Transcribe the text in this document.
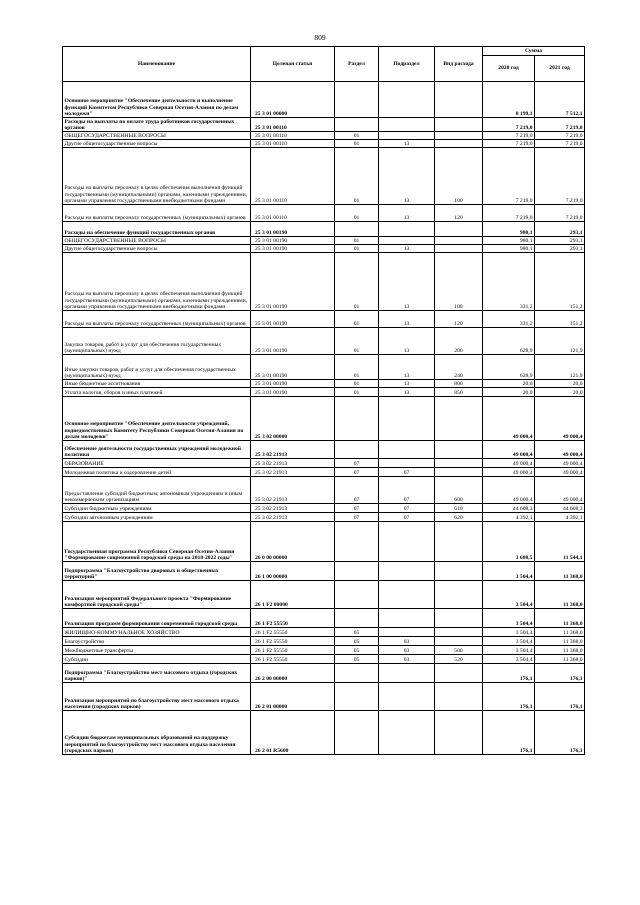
809
Наименование	Целевая статья	Раздел	Подраздел	Вид расхода	Сумма	
					2020 год	2021 год
Основное мероприятие "Обеспечение деятельности и выполнение функций Комитетом Республики Северная Осетия-Алания по делам молодежи"	25 3 01 00000				8 199,1	7 512,1
Расходы на выплаты по оплате труда работников государственных органов	25 3 01 00110				7 219,0	7 219,0
ОБЩЕГОСУДАРСТВЕННЫЕ ВОПРОСЫ	25 3 01 00110	01			7 219,0	7 219,0
Другие общегосударственные вопросы	25 3 01 00110	01	13		7 219,0	7 219,0
Расходы на выплаты персоналу в целях обеспечения выполнения функций государственными (муниципальными) органами, казенными учреждениями, органами управления государственными внебюджетными фондами	25 3 01 00110	01	13	100	7 219,0	7 219,0
Расходы на выплаты персоналу государственных (муниципальных) органов	25 3 01 00110	01	13	120	7 219,0	7 219,0
Расходы на обеспечение функций государственных органов	25 3 01 00190				980,1	293,1
ОБЩЕГОСУДАРСТВЕННЫЕ ВОПРОСЫ	25 3 01 00190	01			980,1	293,1
Другие общегосударственные вопросы	25 3 01 00190	01	13		980,1	293,1
Расходы на выплаты персоналу в целях обеспечения выполнения функций государственными (муниципальными) органами, казенными учреждениями, органами управления государственными внебюджетными фондами	25 3 01 00190	01	13	100	331,2	151,2
Расходы на выплаты персоналу государственных (муниципальных) органов	25 3 01 00190	01	13	120	331,2	151,2
Закупка товаров, работ и услуг для обеспечения государственных (муниципальных) нужд	25 3 01 00190	01	13	200	628,9	121,9
Иные закупки товаров, работ и услуг для обеспечения государственных (муниципальных) нужд	25 3 01 00190	01	13	240	628,9	121,9
Иные бюджетные ассигнования	25 3 01 00190	01	13	800	20,0	20,0
Уплата налогов, сборов и иных платежей	25 3 01 00190	01	13	850	20,0	20,0
Основное мероприятие "Обеспечение деятельности учреждений, подведомственных Комитету Республики Северная Осетия-Алания по делам молодежи"	25 3 02 00000				49 000,4	49 000,4
Обеспечение деятельности государственных учреждений молодежной политики	25 3 02 21913				49 000,4	49 000,4
ОБРАЗОВАНИЕ	25 3 02 21913	07			49 000,4	49 000,4
Молодежная политика и оздоровление детей	25 3 02 21913	07	07		49 000,4	49 000,4
Предоставление субсидий бюджетным, автономным учреждениям и иным некоммерческим организациям	25 3 02 21913	07	07	600	49 000,4	49 000,4
Субсидии бюджетным учреждениям	25 3 02 21913	07	07	610	44 608,3	44 608,3
Субсидии автономным учреждениям	25 3 02 21913	07	07	620	4 392,1	4 392,1
Государственная программа Республики Северная Осетия-Алания "Формирование современной городской среды на 2018-2022 годы"	26 0 00 00000				3 680,5	11 544,1
Подпрограмма "Благоустройство дворовых и общественных территорий"	26 1 00 00000				3 504,4	11 368,0
Реализация мероприятий Федерального проекта "Формирование комфортной городской среды"	26 1 F2 00000				3 504,4	11 368,0
Реализация программ формирования современной городской среды	26 1 F2 55550				3 504,4	11 368,0
ЖИЛИЩНО-КОММУНАЛЬНОЕ ХОЗЯЙСТВО	26 1 F2 55550	05			3 504,4	11 368,0
Благоустройство	26 1 F2 55550	05	03		3 504,4	11 368,0
Межбюджетные трансферты	26 1 F2 55550	05	03	500	3 504,4	11 368,0
Субсидии	26 1 F2 55550	05	03	520	3 504,4	11 368,0
Подпрограмма "Благоустройство мест массового отдыха (городских парков)"	26 2 00 00000				176,1	176,1
Реализация мероприятий по благоустройству мест массового отдыха населения (городских парков)	26 2 01 00000				176,1	176,1
Субсидии бюджетам муниципальных образований на поддержку мероприятий по благоустройству мест массового отдыха населения (городских парков)	26 2 01 R5600				176,1	176,1
